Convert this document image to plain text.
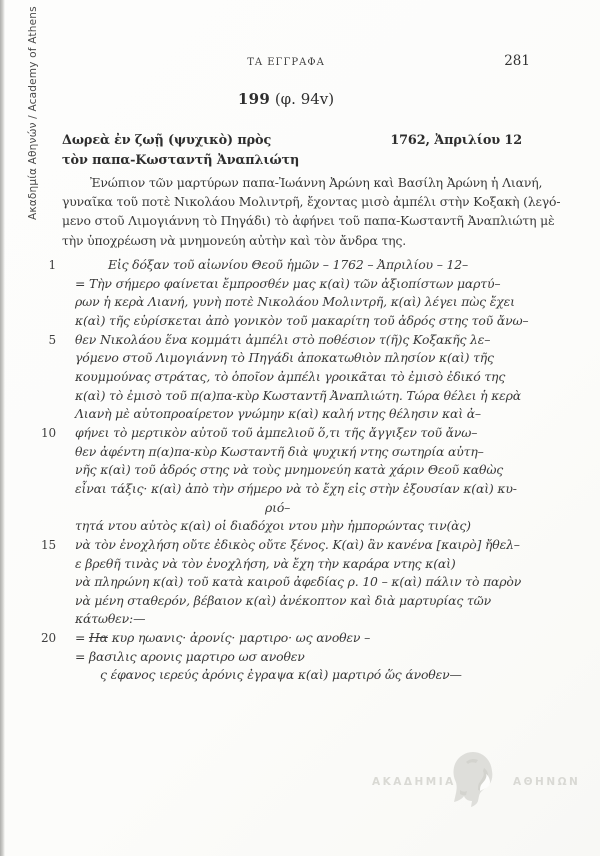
Ακαδημία Αθηνών / Academy of Athens	ΤΑ ΕΓΓΡΑΦΑ	281
199 (φ. 94v)
Δωρεὰ ἐν ζωῇ (ψυχικὸ) πρὸς
τὸν παπα-Κωσταντῆ Ἀναπλιώτη
1762, Ἀπριλίου 12
Ἐνώπιον τῶν μαρτύρων παπα-Ἰωάννη Ἀρώνη καὶ Βασίλη Ἀρώνη ἡ Λιανή,
γυναῖκα τοῦ ποτὲ Νικολάου Μολιντρῆ, ἔχοντας μισὸ ἀμπέλι στὴν Κοξακὴ (λεγό-
μενο στοῦ Λιμογιάννη τὸ Πηγάδι) τὸ ἀφήνει τοῦ παπα-Κωσταντῆ Ἀναπλιώτη μὲ
τὴν ὑποχρέωση νὰ μνημονεύη αὐτὴν καὶ τὸν ἄνδρα της.
1	Εἰς δόξαν τοῦ αἰωνίου Θεοῦ ἡμῶν – 1762 – Ἀπριλίου – 12–
= Τὴν σήμερο φαίνεται ἔμπροσθέν μας κ(αὶ) τῶν ἀξιοπίστων μαρτύ–
ρων ἡ κερὰ Λιανή, γυνὴ ποτὲ Νικολάου Μολιντρῆ, κ(αὶ) λέγει πὼς ἔχει
κ(αὶ) τῆς εὑρίσκεται ἀπὸ γονικὸν τοῦ μακαρίτη τοῦ ἀδρός στης τοῦ ἄνω–
5 θεν Νικολάου ἕνα κομμάτι ἀμπέλι στὸ ποθέσιον τ(ῆ)ς Κοξακῆς λε–
γόμενο στοῦ Λιμογιάννη τὸ Πηγάδι ἀποκατωθιὸν πλησίον κ(αὶ) τῆς
κουμμούνας στράτας, τὸ ὁποῖον ἀμπέλι γροικᾶται τὸ ἐμισὸ ἐδικό της
κ(αὶ) τὸ ἐμισὸ τοῦ π(α)πα-κὺρ Κωσταντῆ Ἀναπλιώτη. Τώρα θέλει ἡ κερὰ
Λιανὴ μὲ αὐτοπροαίρετον γνώμην κ(αὶ) καλή ντης θέλησιν καὶ ἀ–
10 φήνει τὸ μερτικὸν αὐτοῦ τοῦ ἀμπελιοῦ ὅ,τι τῆς ἄγγιξεν τοῦ ἄνω–
θεν ἀφέντη π(α)πα-κὺρ Κωσταντῆ διὰ ψυχική ντης σωτηρία αὐτη–
νῆς κ(αὶ) τοῦ ἀδρός στης νὰ τοὺς μνημονεύη κατὰ χάριν Θεοῦ καθὼς
εἶναι τάξις· κ(αὶ) ἀπὸ τὴν σήμερο νὰ τὸ ἔχη εἰς στὴν ἐξουσίαν κ(αὶ) κυ-
ριό–
τητά ντου αὐτὸς κ(αὶ) οἱ διαδόχοι ντου μὴν ἠμπορώντας τιν(ὰς)
15 νὰ τὸν ἐνοχλήση οὔτε ἐδικὸς οὔτε ξένος. Κ(αὶ) ἂν κανένα [καιρὸ] ἤθελ–
ε βρεθῆ τινὰς νὰ τὸν ἐνοχλήση, νὰ ἔχη τὴν καράρα ντης κ(αὶ)
νὰ πληρώνη κ(αὶ) τοῦ κατὰ καιροῦ ἀφεδίας ρ. 10 – κ(αὶ) πάλιν τὸ παρὸν
νὰ μένη σταθερόν, βέβαιον κ(αὶ) ἀνέκοπτον καὶ διὰ μαρτυρίας τῶν
κάτωθεν:—
20 = Ηα κυρ ηωανις· ἀρονίς· μαρτιρο· ως ανοθεν –
= βασιλις αρονις μαρτιρο ωσ ανοθεν
ς έφανος ιερεύς ἀρόνις ἐγραψα κ(αὶ) μαρτιρό ὥς άνοθεν—
ΑΚΑΔΗΜΙΑ	ΑΘΗΝΩΝ
